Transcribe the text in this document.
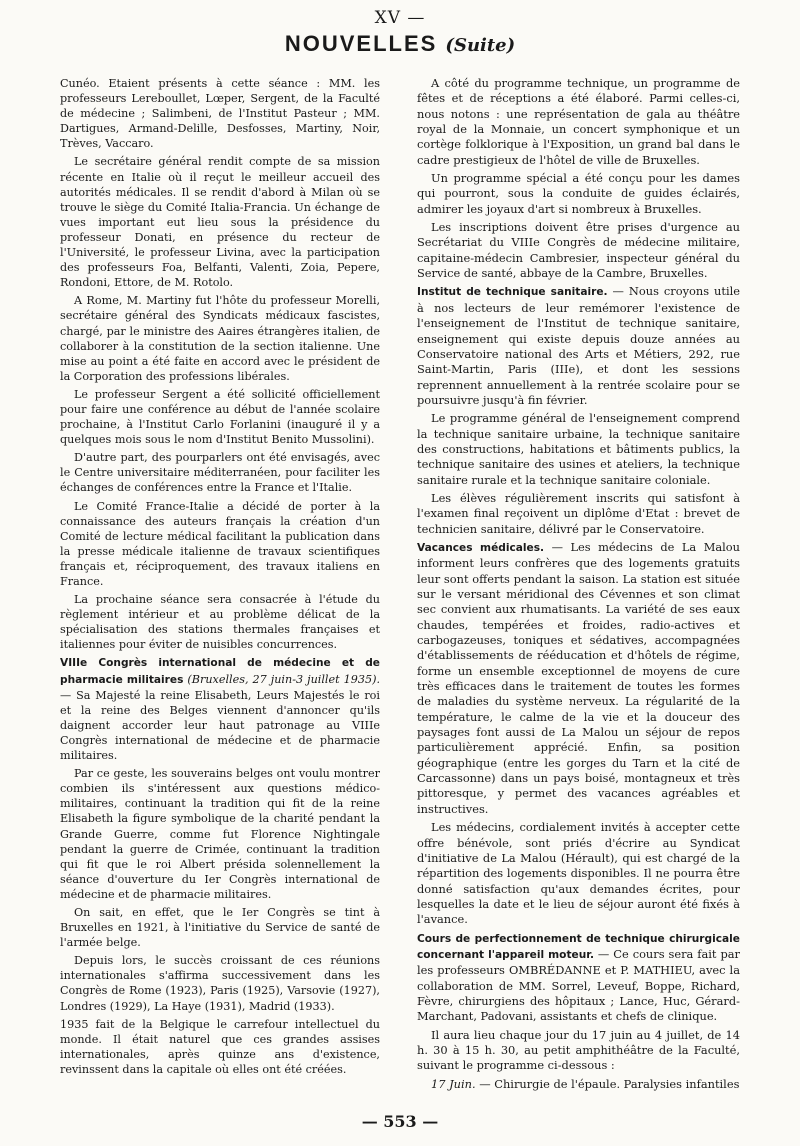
XV —
NOUVELLES (Suite)

Cunéo. Etaient présents à cette séance : MM. les professeurs Lereboullet, Lœper, Sergent, de la Faculté de médecine ; Salimbeni, de l'Institut Pasteur ; MM. Dartigues, Armand-Delille, Desfosses, Martiny, Noir, Trèves, Vaccaro.

Le secrétaire général rendit compte de sa mission récente en Italie où il reçut le meilleur accueil des autorités médicales. Il se rendit d'abord à Milan où se trouve le siège du Comité Italia-Francia. Un échange de vues important eut lieu sous la présidence du professeur Donati, en présence du recteur de l'Université, le professeur Livina, avec la participation des professeurs Foa, Belfanti, Valenti, Zoia, Pepere, Rondoni, Ettore, de M. Rotolo.

A Rome, M. Martiny fut l'hôte du professeur Morelli, secrétaire général des Syndicats médicaux fascistes, chargé, par le ministre des Aaires étrangères italien, de collaborer à la constitution de la section italienne. Une mise au point a été faite en accord avec le président de la Corporation des professions libérales.

Le professeur Sergent a été sollicité officiellement pour faire une conférence au début de l'année scolaire prochaine, à l'Institut Carlo Forlanini (inauguré il y a quelques mois sous le nom d'Institut Benito Mussolini).

D'autre part, des pourparlers ont été envisagés, avec le Centre universitaire méditerranéen, pour faciliter les échanges de conférences entre la France et l'Italie.

Le Comité France-Italie a décidé de porter à la connaissance des auteurs français la création d'un Comité de lecture médical facilitant la publication dans la presse médicale italienne de travaux scientifiques français et, réciproquement, des travaux italiens en France.

La prochaine séance sera consacrée à l'étude du règlement intérieur et au problème délicat de la spécialisation des stations thermales françaises et italiennes pour éviter de nuisibles concurrences.

VIIIe Congrès international de médecine et de pharmacie militaires (Bruxelles, 27 juin-3 juillet 1935). — Sa Majesté la reine Elisabeth, Leurs Majestés le roi et la reine des Belges viennent d'annoncer qu'ils daignent accorder leur haut patronage au VIIIe Congrès international de médecine et de pharmacie militaires.

Par ce geste, les souverains belges ont voulu montrer combien ils s'intéressent aux questions médico-militaires, continuant la tradition qui fit de la reine Elisabeth la figure symbolique de la charité pendant la Grande Guerre, comme fut Florence Nightingale pendant la guerre de Crimée, continuant la tradition qui fit que le roi Albert présida solennellement la séance d'ouverture du Ier Congrès international de médecine et de pharmacie militaires.

On sait, en effet, que le Ier Congrès se tint à Bruxelles en 1921, à l'initiative du Service de santé de l'armée belge.

Depuis lors, le succès croissant de ces réunions internationales s'affirma successivement dans les Congrès de Rome (1923), Paris (1925), Varsovie (1927), Londres (1929), La Haye (1931), Madrid (1933).

1935 fait de la Belgique le carrefour intellectuel du monde. Il était naturel que ces grandes assises internationales, après quinze ans d'existence, revinssent dans la capitale où elles ont été créées.

A côté du programme technique, un programme de fêtes et de réceptions a été élaboré. Parmi celles-ci, nous notons : une représentation de gala au théâtre royal de la Monnaie, un concert symphonique et un cortège folklorique à l'Exposition, un grand bal dans le cadre prestigieux de l'hôtel de ville de Bruxelles.

Un programme spécial a été conçu pour les dames qui pourront, sous la conduite de guides éclairés, admirer les joyaux d'art si nombreux à Bruxelles.

Les inscriptions doivent être prises d'urgence au Secrétariat du VIIIe Congrès de médecine militaire, capitaine-médecin Cambresier, inspecteur général du Service de santé, abbaye de la Cambre, Bruxelles.

Institut de technique sanitaire. — Nous croyons utile à nos lecteurs de leur remémorer l'existence de l'enseignement de l'Institut de technique sanitaire, enseignement qui existe depuis douze années au Conservatoire national des Arts et Métiers, 292, rue Saint-Martin, Paris (IIIe), et dont les sessions reprennent annuellement à la rentrée scolaire pour se poursuivre jusqu'à fin février.

Le programme général de l'enseignement comprend la technique sanitaire urbaine, la technique sanitaire des constructions, habitations et bâtiments publics, la technique sanitaire des usines et ateliers, la technique sanitaire rurale et la technique sanitaire coloniale.

Les élèves régulièrement inscrits qui satisfont à l'examen final reçoivent un diplôme d'Etat : brevet de technicien sanitaire, délivré par le Conservatoire.

Vacances médicales. — Les médecins de La Malou informent leurs confrères que des logements gratuits leur sont offerts pendant la saison. La station est située sur le versant méridional des Cévennes et son climat sec convient aux rhumatisants. La variété de ses eaux chaudes, tempérées et froides, radio-actives et carbogazeuses, toniques et sédatives, accompagnées d'établissements de rééducation et d'hôtels de régime, forme un ensemble exceptionnel de moyens de cure très efficaces dans le traitement de toutes les formes de maladies du système nerveux. La régularité de la température, le calme de la vie et la douceur des paysages font aussi de La Malou un séjour de repos particulièrement apprécié. Enfin, sa position géographique (entre les gorges du Tarn et la cité de Carcassonne) dans un pays boisé, montagneux et très pittoresque, y permet des vacances agréables et instructives.

Les médecins, cordialement invités à accepter cette offre bénévole, sont priés d'écrire au Syndicat d'initiative de La Malou (Hérault), qui est chargé de la répartition des logements disponibles. Il ne pourra être donné satisfaction qu'aux demandes écrites, pour lesquelles la date et le lieu de séjour auront été fixés à l'avance.

Cours de perfectionnement de technique chirurgicale concernant l'appareil moteur. — Ce cours sera fait par les professeurs OMBRÉDANNE et P. MATHIEU, avec la collaboration de MM. Sorrel, Leveuf, Boppe, Richard, Fèvre, chirurgiens des hôpitaux ; Lance, Huc, Gérard-Marchant, Padovani, assistants et chefs de clinique.

Il aura lieu chaque jour du 17 juin au 4 juillet, de 14 h. 30 à 15 h. 30, au petit amphithéâtre de la Faculté, suivant le programme ci-dessous :

17 Juin. — Chirurgie de l'épaule. Paralysies infantiles

— 553 —
